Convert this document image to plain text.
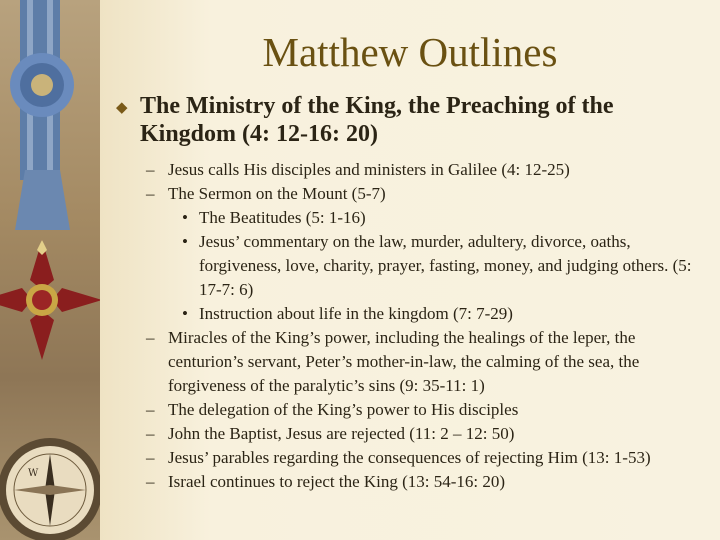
W
Matthew Outlines
◆ The Ministry of the King, the Preaching of the Kingdom (4: 12-16: 20)
– Jesus calls His disciples and ministers in Galilee (4: 12-25)
– The Sermon on the Mount (5-7)
• The Beatitudes (5: 1-16)
• Jesus’ commentary on the law, murder, adultery, divorce, oaths, forgiveness, love, charity, prayer, fasting, money, and judging others. (5: 17-7: 6)
• Instruction about life in the kingdom (7: 7-29)
– Miracles of the King’s power, including the healings of the leper, the centurion’s servant, Peter’s mother-in-law, the calming of the sea, the forgiveness of the paralytic’s sins (9: 35-11: 1)
– The delegation of the King’s power to His disciples
– John the Baptist, Jesus are rejected (11: 2 – 12: 50)
– Jesus’ parables regarding the consequences of rejecting Him (13: 1-53)
– Israel continues to reject the King (13: 54-16: 20)
